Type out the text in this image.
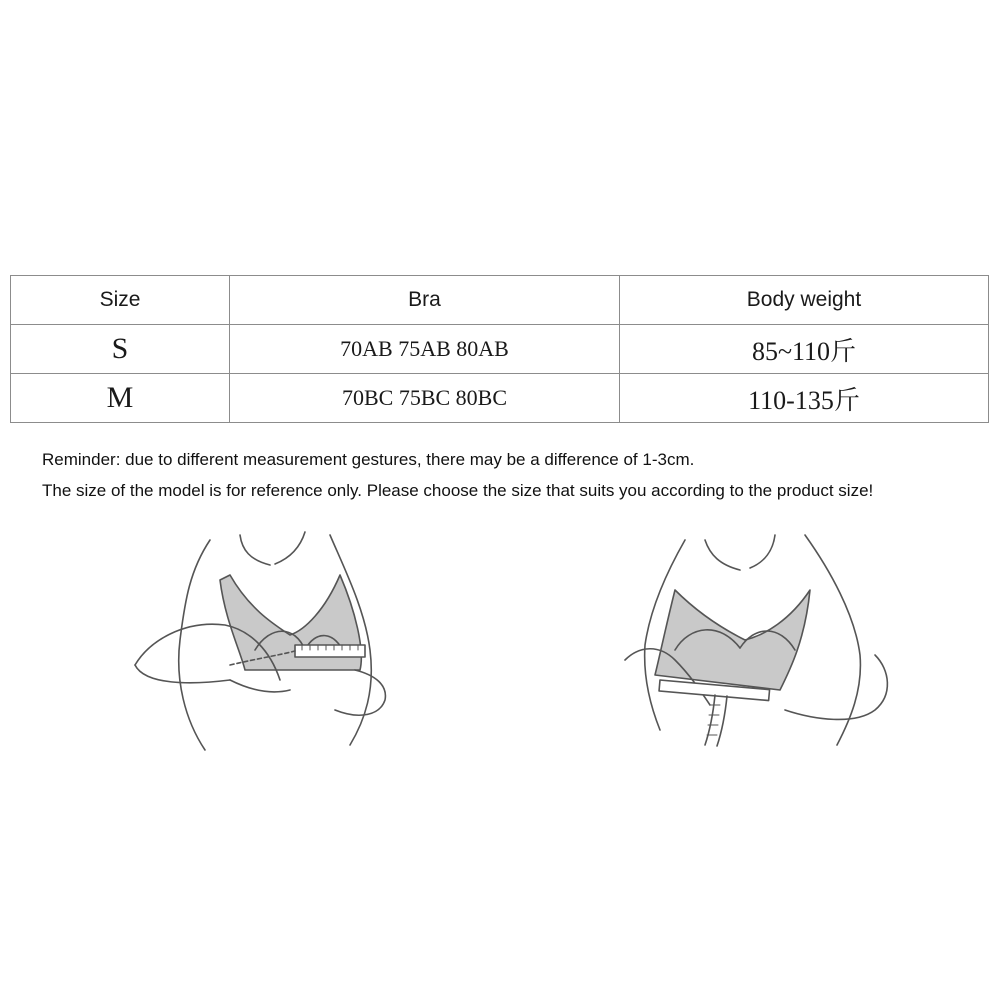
Size	Bra	Body weight
S	70AB 75AB 80AB	85~110斤
M	70BC 75BC 80BC	110-135斤
Reminder: due to different measurement gestures, there may be a difference of 1-3cm.
The size of the model is for reference only. Please choose the size that suits you according to the product size!
